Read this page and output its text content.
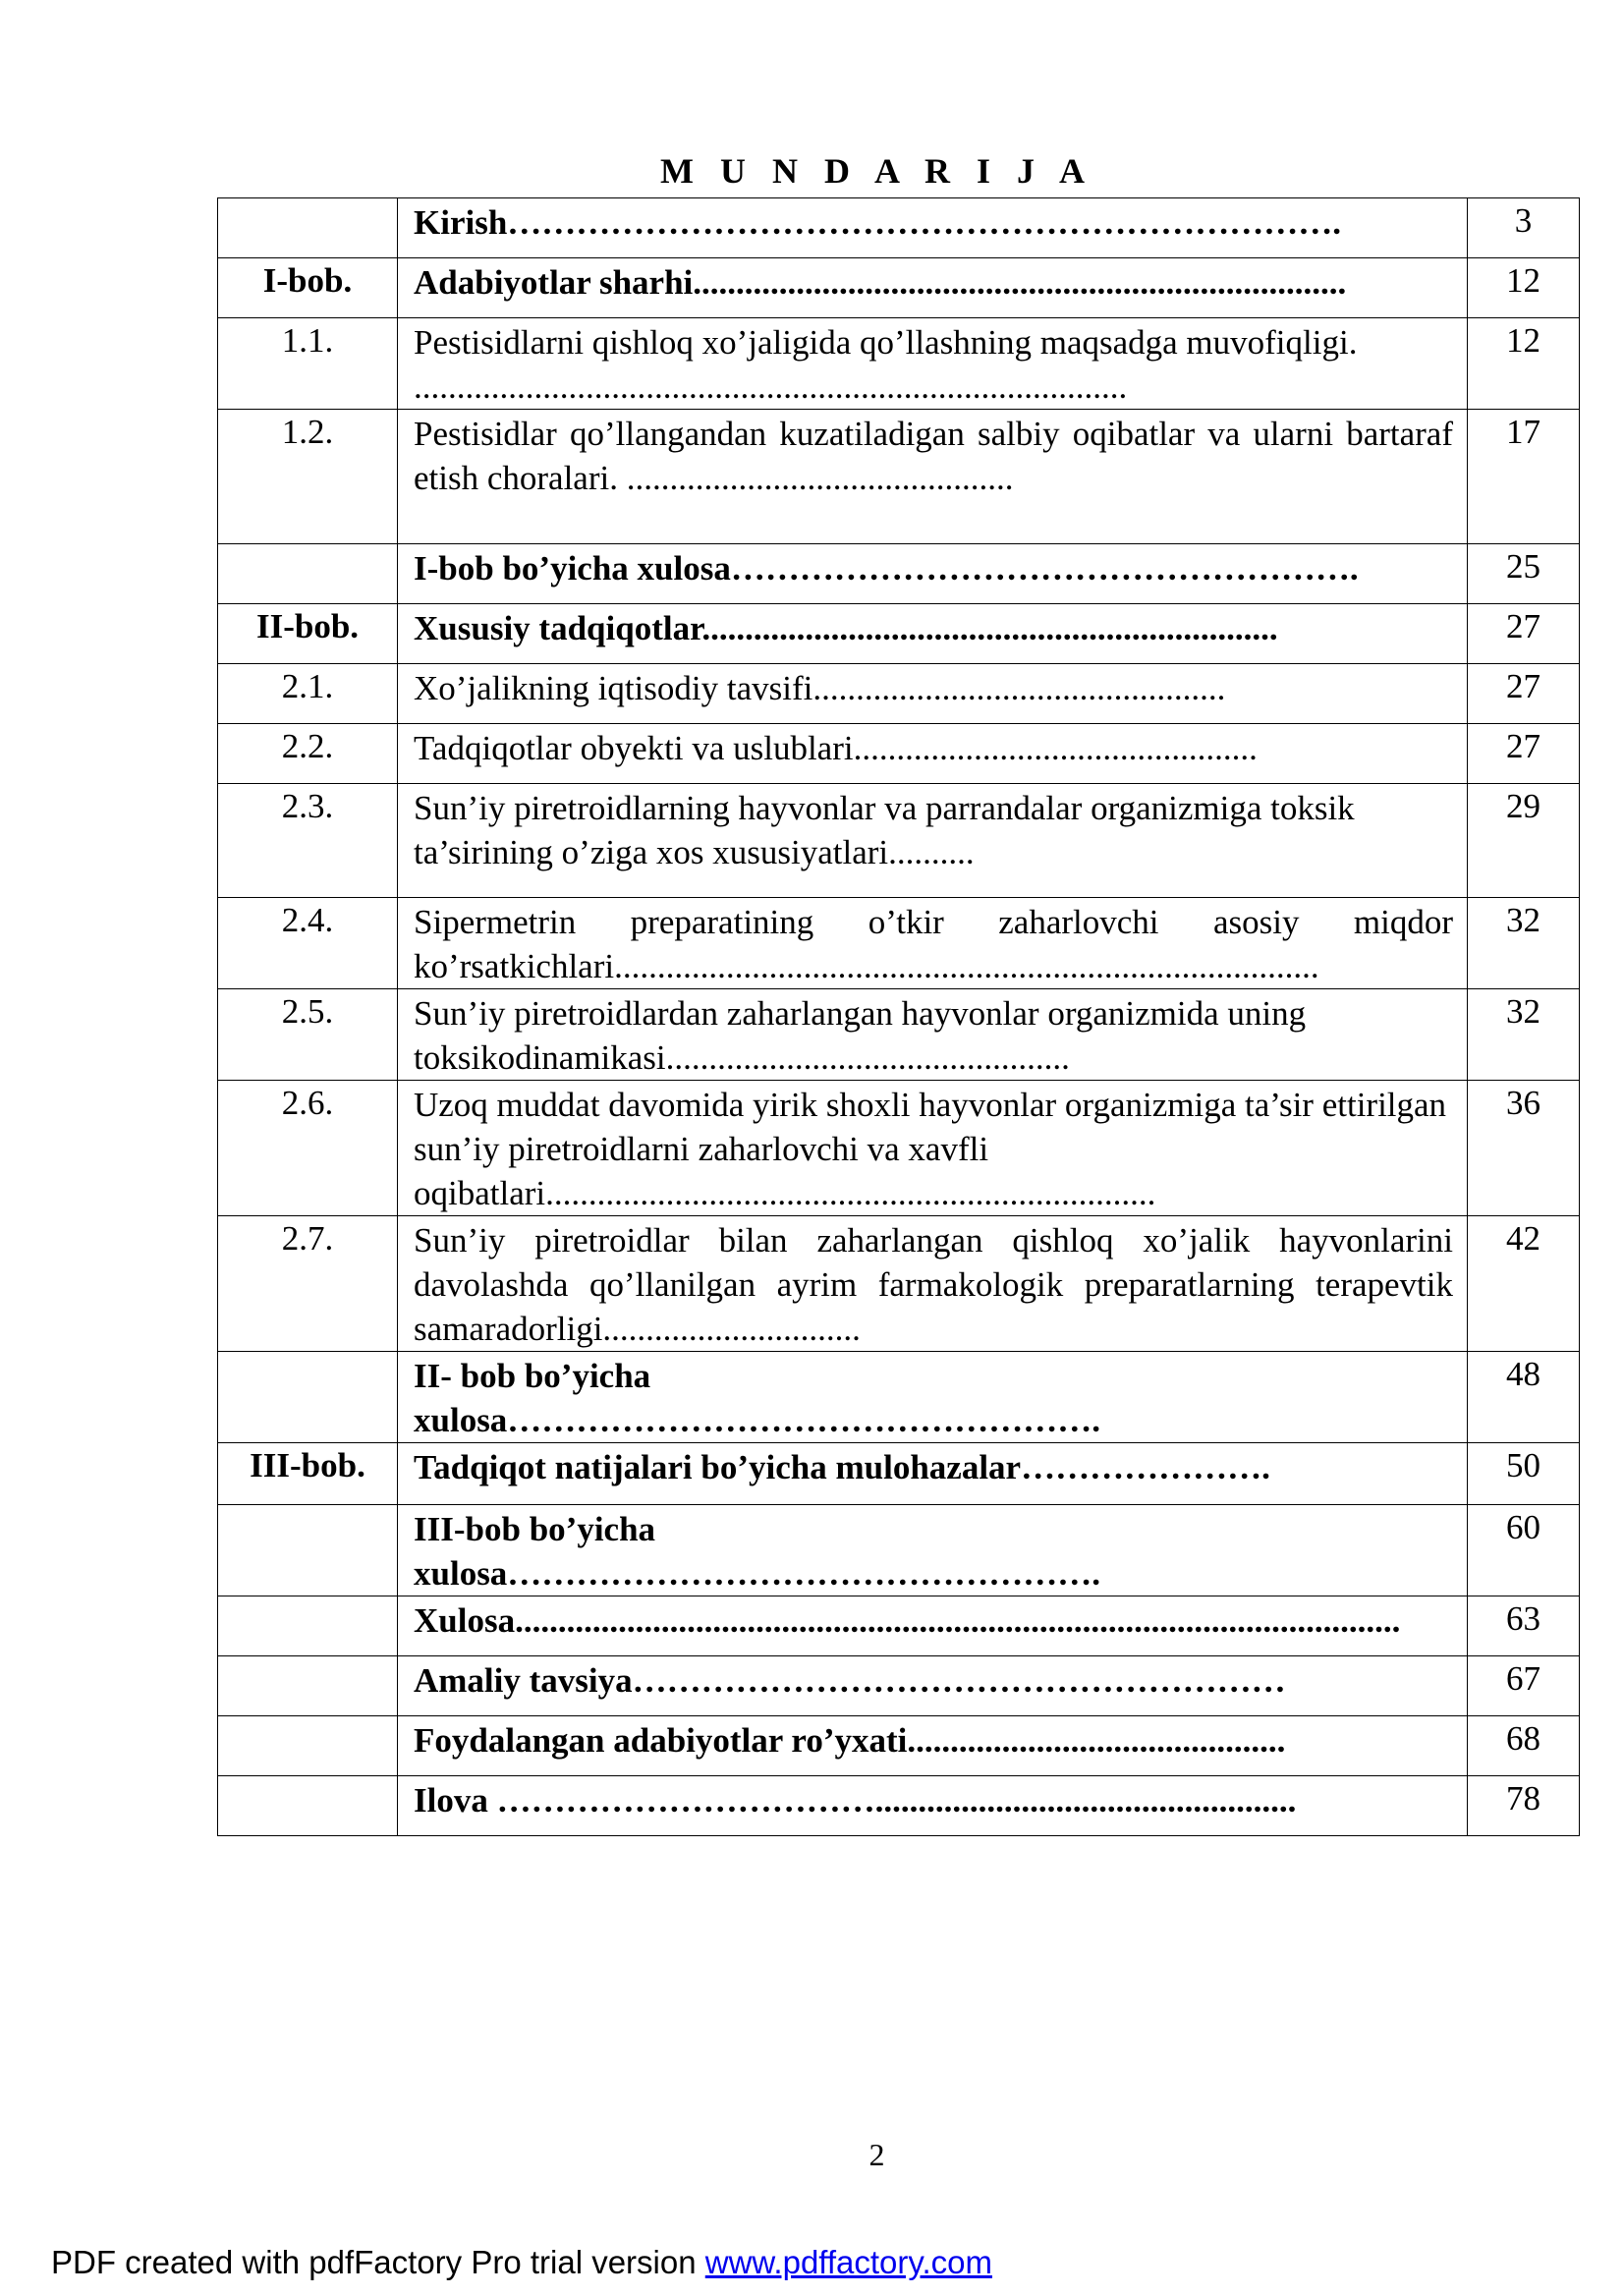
M U N D A R I J A
	Kirish……………………………………………………………….	3
I-bob.	Adabiyotlar sharhi............................................................................	12
1.1.	Pestisidlarni qishloq xo’jaligida qo’llashning maqsadga muvofiqligi. ...................................................................................	12
1.2.	Pestisidlar qo’llangandan kuzatiladigan salbiy oqibatlar va ularni bartaraf etish choralari. .............................................	17
	I-bob bo’yicha xulosa……………………………………………….	25
II-bob.	Xususiy tadqiqotlar...................................................................	27
2.1.	Xo’jalikning iqtisodiy tavsifi................................................	27
2.2.	Tadqiqotlar obyekti va uslublari...............................................	27
2.3.	Sun’iy piretroidlarning hayvonlar va parrandalar organizmiga toksik ta’sirining o’ziga xos xususiyatlari..........	29
2.4.	Sipermetrin preparatining o’tkir zaharlovchi asosiy miqdor ko’rsatkichlari..................................................................................	32
2.5.	Sun’iy piretroidlardan zaharlangan hayvonlar organizmida uning toksikodinamikasi...............................................	32
2.6.	Uzoq muddat davomida yirik shoxli hayvonlar organizmiga ta’sir ettirilgan sun’iy piretroidlarni zaharlovchi va xavfli oqibatlari.......................................................................	36
2.7.	Sun’iy piretroidlar bilan zaharlangan qishloq xo’jalik hayvonlarini davolashda qo’llanilgan ayrim farmakologik preparatlarning terapevtik samaradorligi..............................	42

	II- bob bo’yicha xulosa…………………………………………….	48
III-bob.	Tadqiqot natijalari bo’yicha mulohazalar………………….	50

	III-bob bo’yicha xulosa…………………………………………….	60
	Xulosa.......................................................................................................	63
	Amaliy tavsiya…………………………………………………	67
	Foydalangan adabiyotlar ro’yxati............................................	68
	Ilova …………………………….................................................	78
2
PDF created with pdfFactory Pro trial version www.pdffactory.com
